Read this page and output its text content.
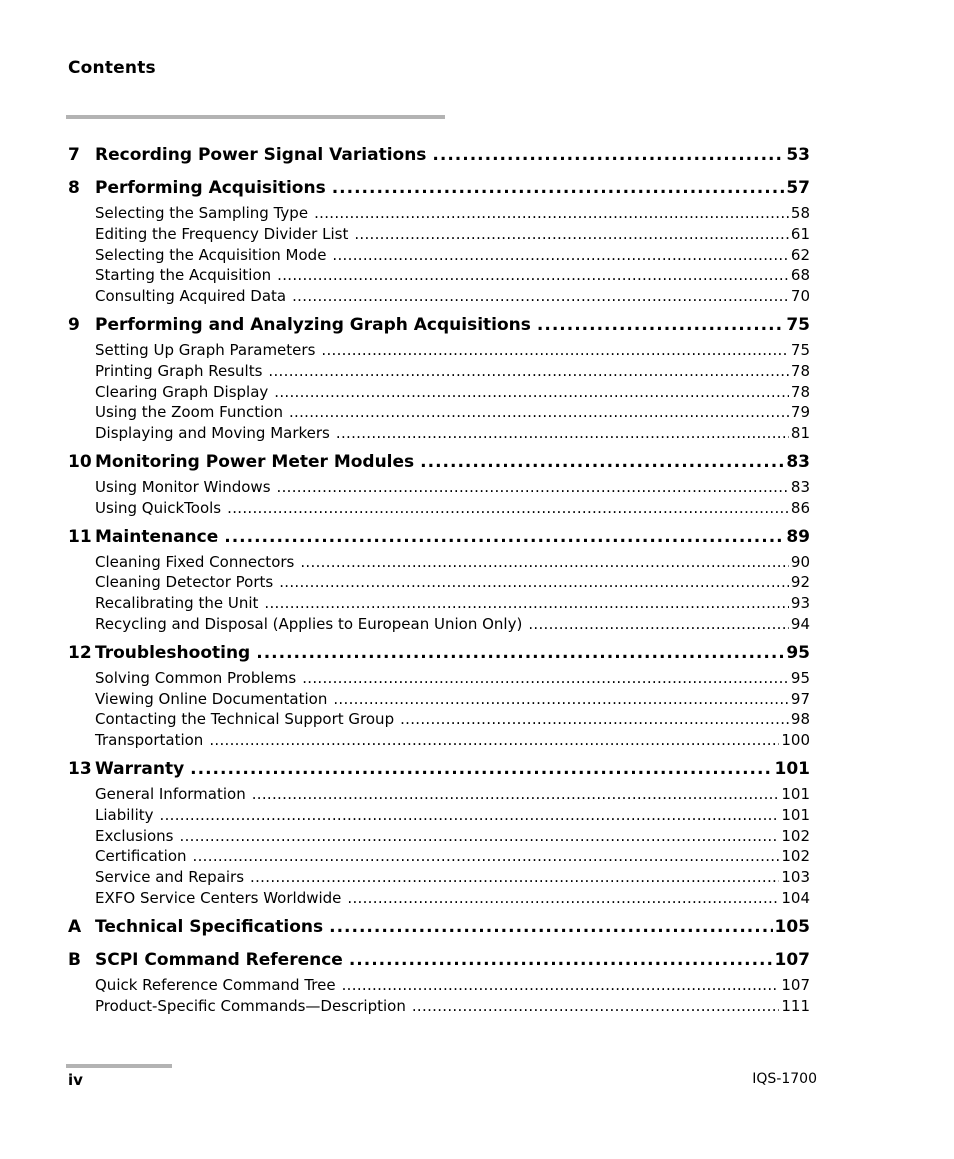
Contents
7 Recording Power Signal Variations .....	53
8 Performing Acquisitions .....	57
Selecting the Sampling Type .....	58
Editing the Frequency Divider List .....	61
Selecting the Acquisition Mode .....	62
Starting the Acquisition .....	68
Consulting Acquired Data .....	70
9 Performing and Analyzing Graph Acquisitions .....	75
Setting Up Graph Parameters .....	75
Printing Graph Results .....	78
Clearing Graph Display .....	78
Using the Zoom Function .....	79
Displaying and Moving Markers .....	81
10 Monitoring Power Meter Modules .....	83
Using Monitor Windows .....	83
Using QuickTools .....	86
11 Maintenance .....	89
Cleaning Fixed Connectors .....	90
Cleaning Detector Ports .....	92
Recalibrating the Unit .....	93
Recycling and Disposal (Applies to European Union Only) .....	94
12 Troubleshooting .....	95
Solving Common Problems .....	95
Viewing Online Documentation .....	97
Contacting the Technical Support Group .....	98
Transportation .....	100
13 Warranty .....	101
General Information .....	101
Liability .....	101
Exclusions .....	102
Certification .....	102
Service and Repairs .....	103
EXFO Service Centers Worldwide .....	104
A Technical Specifications .....	105
B SCPI Command Reference .....	107
Quick Reference Command Tree .....	107
Product-Specific Commands—Description .....	111
iv	IQS-1700
